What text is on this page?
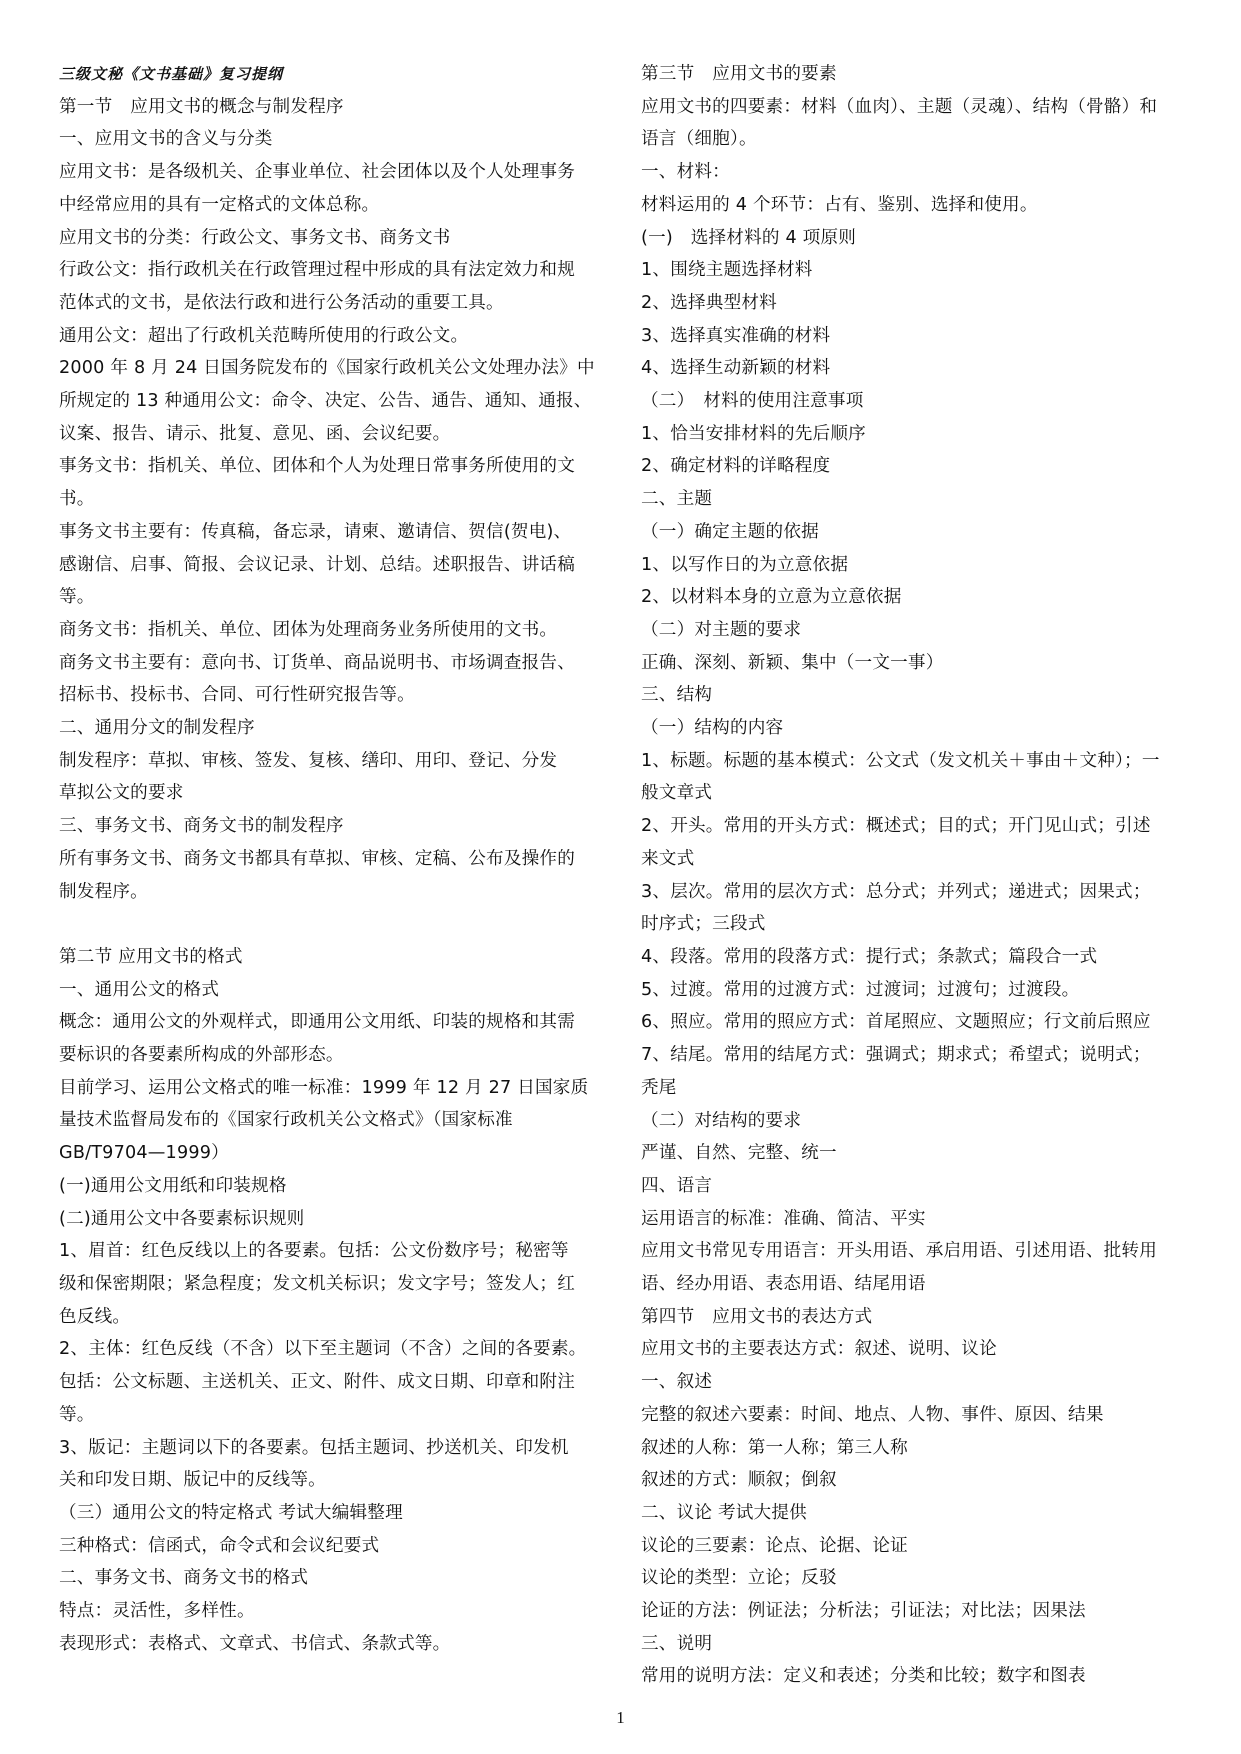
三级文秘《文书基础》复习提纲
第一节　应用文书的概念与制发程序
一、应用文书的含义与分类
应用文书：是各级机关、企事业单位、社会团体以及个人处理事务
中经常应用的具有一定格式的文体总称。
应用文书的分类：行政公文、事务文书、商务文书
行政公文：指行政机关在行政管理过程中形成的具有法定效力和规
范体式的文书，是依法行政和进行公务活动的重要工具。
通用公文：超出了行政机关范畴所使用的行政公文。
2000 年 8 月 24 日国务院发布的《国家行政机关公文处理办法》中
所规定的 13 种通用公文：命令、决定、公告、通告、通知、通报、
议案、报告、请示、批复、意见、函、会议纪要。
事务文书：指机关、单位、团体和个人为处理日常事务所使用的文
书。
事务文书主要有：传真稿，备忘录，请柬、邀请信、贺信(贺电)、
感谢信、启事、简报、会议记录、计划、总结。述职报告、讲话稿
等。
商务文书：指机关、单位、团体为处理商务业务所使用的文书。
商务文书主要有：意向书、订货单、商品说明书、市场调查报告、
招标书、投标书、合同、可行性研究报告等。
二、通用分文的制发程序
制发程序：草拟、审核、签发、复核、缮印、用印、登记、分发
草拟公文的要求
三、事务文书、商务文书的制发程序
所有事务文书、商务文书都具有草拟、审核、定稿、公布及操作的
制发程序。
第二节 应用文书的格式
一、通用公文的格式
概念：通用公文的外观样式，即通用公文用纸、印装的规格和其需
要标识的各要素所构成的外部形态。
目前学习、运用公文格式的唯一标准：1999 年 12 月 27 日国家质
量技术监督局发布的《国家行政机关公文格式》（国家标准
GB/T9704—1999）
(一)通用公文用纸和印装规格
(二)通用公文中各要素标识规则
1、眉首：红色反线以上的各要素。包括：公文份数序号；秘密等
级和保密期限；紧急程度；发文机关标识；发文字号；签发人；红
色反线。
2、主体：红色反线（不含）以下至主题词（不含）之间的各要素。
包括：公文标题、主送机关、正文、附件、成文日期、印章和附注
等。
3、版记：主题词以下的各要素。包括主题词、抄送机关、印发机
关和印发日期、版记中的反线等。
（三）通用公文的特定格式 考试大编辑整理
三种格式：信函式，命令式和会议纪要式
二、事务文书、商务文书的格式
特点：灵活性，多样性。
表现形式：表格式、文章式、书信式、条款式等。
第三节　应用文书的要素
应用文书的四要素：材料（血肉）、主题（灵魂）、结构（骨骼）和
语言（细胞）。
一、材料：
材料运用的 4 个环节：占有、鉴别、选择和使用。
(一)　选择材料的 4 项原则
1、围绕主题选择材料
2、选择典型材料
3、选择真实准确的材料
4、选择生动新颖的材料
（二）　材料的使用注意事项
1、恰当安排材料的先后顺序
2、确定材料的详略程度
二、主题
（一）确定主题的依据
1、以写作日的为立意依据
2、以材料本身的立意为立意依据
（二）对主题的要求
正确、深刻、新颖、集中（一文一事）
三、结构
（一）结构的内容
1、标题。标题的基本模式：公文式（发文机关＋事由＋文种）；一
般文章式
2、开头。常用的开头方式：概述式；目的式；开门见山式；引述
来文式
3、层次。常用的层次方式：总分式；并列式；递进式；因果式；
时序式；三段式
4、段落。常用的段落方式：提行式；条款式；篇段合一式
5、过渡。常用的过渡方式：过渡词；过渡句；过渡段。
6、照应。常用的照应方式：首尾照应、文题照应；行文前后照应
7、结尾。常用的结尾方式：强调式；期求式；希望式；说明式；
秃尾
（二）对结构的要求
严谨、自然、完整、统一
四、语言
运用语言的标准：准确、简洁、平实
应用文书常见专用语言：开头用语、承启用语、引述用语、批转用
语、经办用语、表态用语、结尾用语
第四节　应用文书的表达方式
应用文书的主要表达方式：叙述、说明、议论
一、叙述
完整的叙述六要素：时间、地点、人物、事件、原因、结果
叙述的人称：第一人称；第三人称
叙述的方式：顺叙；倒叙
二、议论 考试大提供
议论的三要素：论点、论据、论证
议论的类型：立论；反驳
论证的方法：例证法；分析法；引证法；对比法；因果法
三、说明
常用的说明方法：定义和表述；分类和比较；数字和图表
1
